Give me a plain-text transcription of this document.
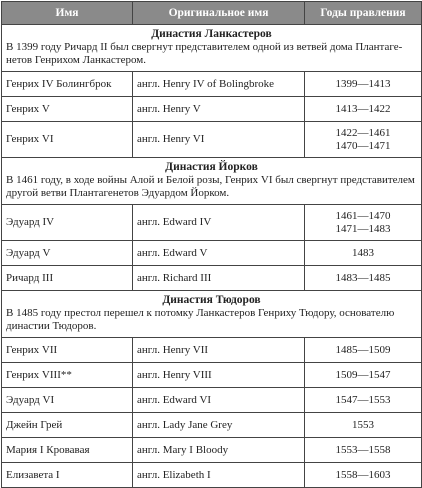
Имя	Оригинальное имя	Годы правления

Династия Ланкастеров
В 1399 году Ричард II был свергнут представителем одной из ветвей дома Плантаге-нетов Генрихом Ланкастером.		

Генрих IV Болингброк	англ. Henry IV of Bolingbroke	1399—1413

Генрих V	англ. Henry V	1413—1422

Генрих VI	англ. Henry VI	1422—1461
1470—1471

Династия Йорков
В 1461 году, в ходе войны Алой и Белой розы, Генрих VI был свергнут представителем другой ветви Плантагенетов Эдуардом Йорком.		

Эдуард IV	англ. Edward IV	1461—1470
1471—1483

Эдуард V	англ. Edward V	1483

Ричард III	англ. Richard III	1483—1485

Династия Тюдоров
В 1485 году престол перешел к потомку Ланкастеров Генриху Тюдору, основателю династии Тюдоров.		

Генрих VII	англ. Henry VII	1485—1509

Генрих VIII**	англ. Henry VIII	1509—1547

Эдуард VI	англ. Edward VI	1547—1553

Джейн Грей	англ. Lady Jane Grey	1553

Мария I Кровавая	англ. Mary I Bloody	1553—1558

Елизавета I	англ. Elizabeth I	1558—1603
